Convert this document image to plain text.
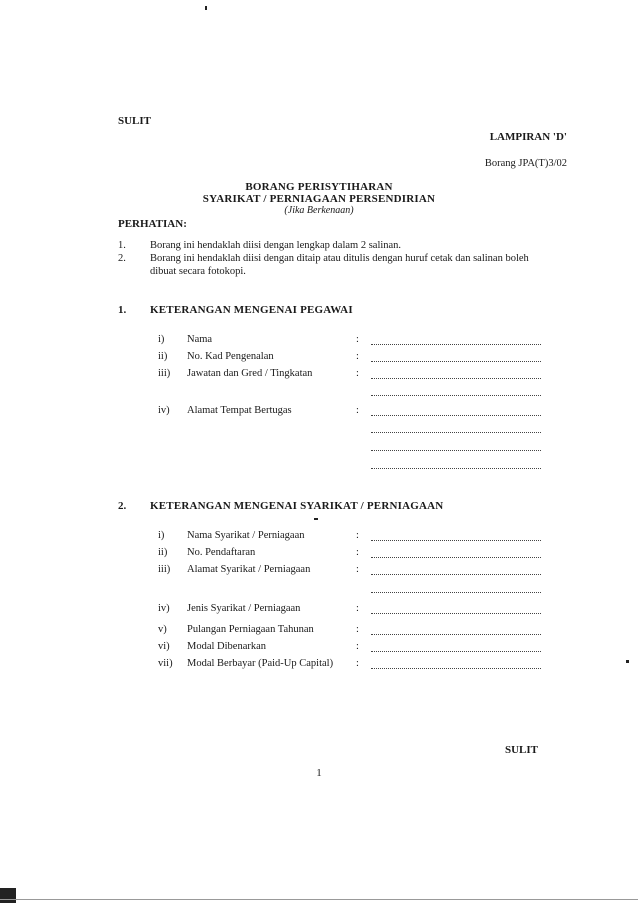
SULIT
LAMPIRAN 'D'
Borang JPA(T)3/02
BORANG PERISYTIHARAN
SYARIKAT / PERNIAGAAN PERSENDIRIAN
(Jika Berkenaan)
PERHATIAN:
1. Borang ini hendaklah diisi dengan lengkap dalam 2 salinan.
2. Borang ini hendaklah diisi dengan ditaip atau ditulis dengan huruf cetak dan salinan boleh
dibuat secara fotokopi.
1. KETERANGAN MENGENAI PEGAWAI
i) Nama	:
ii) No. Kad Pengenalan	:
iii) Jawatan dan Gred / Tingkatan	:
iv) Alamat Tempat Bertugas	:
2. KETERANGAN MENGENAI SYARIKAT / PERNIAGAAN
i) Nama Syarikat / Perniagaan	:
ii) No. Pendaftaran	:
iii) Alamat Syarikat / Perniagaan	:
iv) Jenis Syarikat / Perniagaan	:
v) Pulangan Perniagaan Tahunan	:
vi) Modal Dibenarkan	:
vii) Modal Berbayar (Paid-Up Capital) :
SULIT
1
